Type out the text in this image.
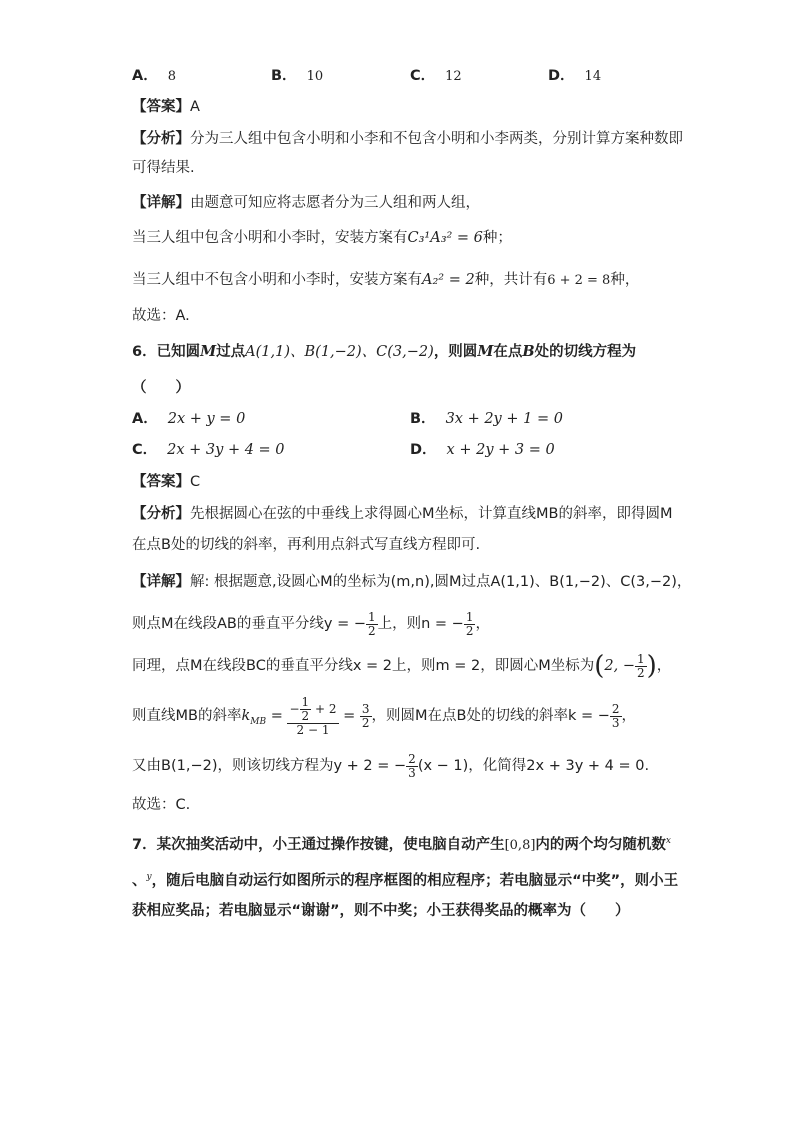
A． 8	B． 10	C． 12	D． 14
【答案】A
【分析】分为三人组中包含小明和小李和不包含小明和小李两类，分别计算方案种数即
可得结果.
【详解】由题意可知应将志愿者分为三人组和两人组，
当三人组中包含小明和小李时，安装方案有C₃¹A₃² = 6种；
当三人组中不包含小明和小李时，安装方案有A₂² = 2种，共计有6 + 2 = 8种，
故选：A.
6．已知圆M过点A(1,1)、B(1,−2)、C(3,−2)，则圆M在点B处的切线方程为
（　　）
A． 2x + y = 0	B． 3x + 2y + 1 = 0
C． 2x + 3y + 4 = 0	D． x + 2y + 3 = 0
【答案】C
【分析】先根据圆心在弦的中垂线上求得圆心M坐标，计算直线MB的斜率，即得圆M
在点B处的切线的斜率，再利用点斜式写直线方程即可.
【详解】解: 根据题意,设圆心M的坐标为(m,n),圆M过点A(1,1)、B(1,−2)、C(3,−2)，
则点M在线段AB的垂直平分线y = − $\frac{1}{2}$ 上，则n = − $\frac{1}{2}$ ，
同理，点M在线段BC的垂直平分线x = 2上，则m = 2，即圆心M坐标为(2, − $\frac{1}{2}$ )，
则直线MB的斜率$k_{MB} = \frac{- \frac{1}{2} + 2}{2 - 1} = \frac{3}{2}$ ，则圆M在点B处的切线的斜率k = − $\frac{2}{3}$ ，
又由B(1,−2)，则该切线方程为y + 2 = − $\frac{2}{3} (x - 1)$，化简得2x + 3y + 4 = 0.
故选：C.
7．某次抽奖活动中，小王通过操作按键，使电脑自动产生[0,8]内的两个均匀随机数$^x$
、$^y$，随后电脑自动运行如图所示的程序框图的相应程序；若电脑显示“中奖”，则小王
获相应奖品；若电脑显示“谢谢”，则不中奖；小王获得奖品的概率为（　　）
